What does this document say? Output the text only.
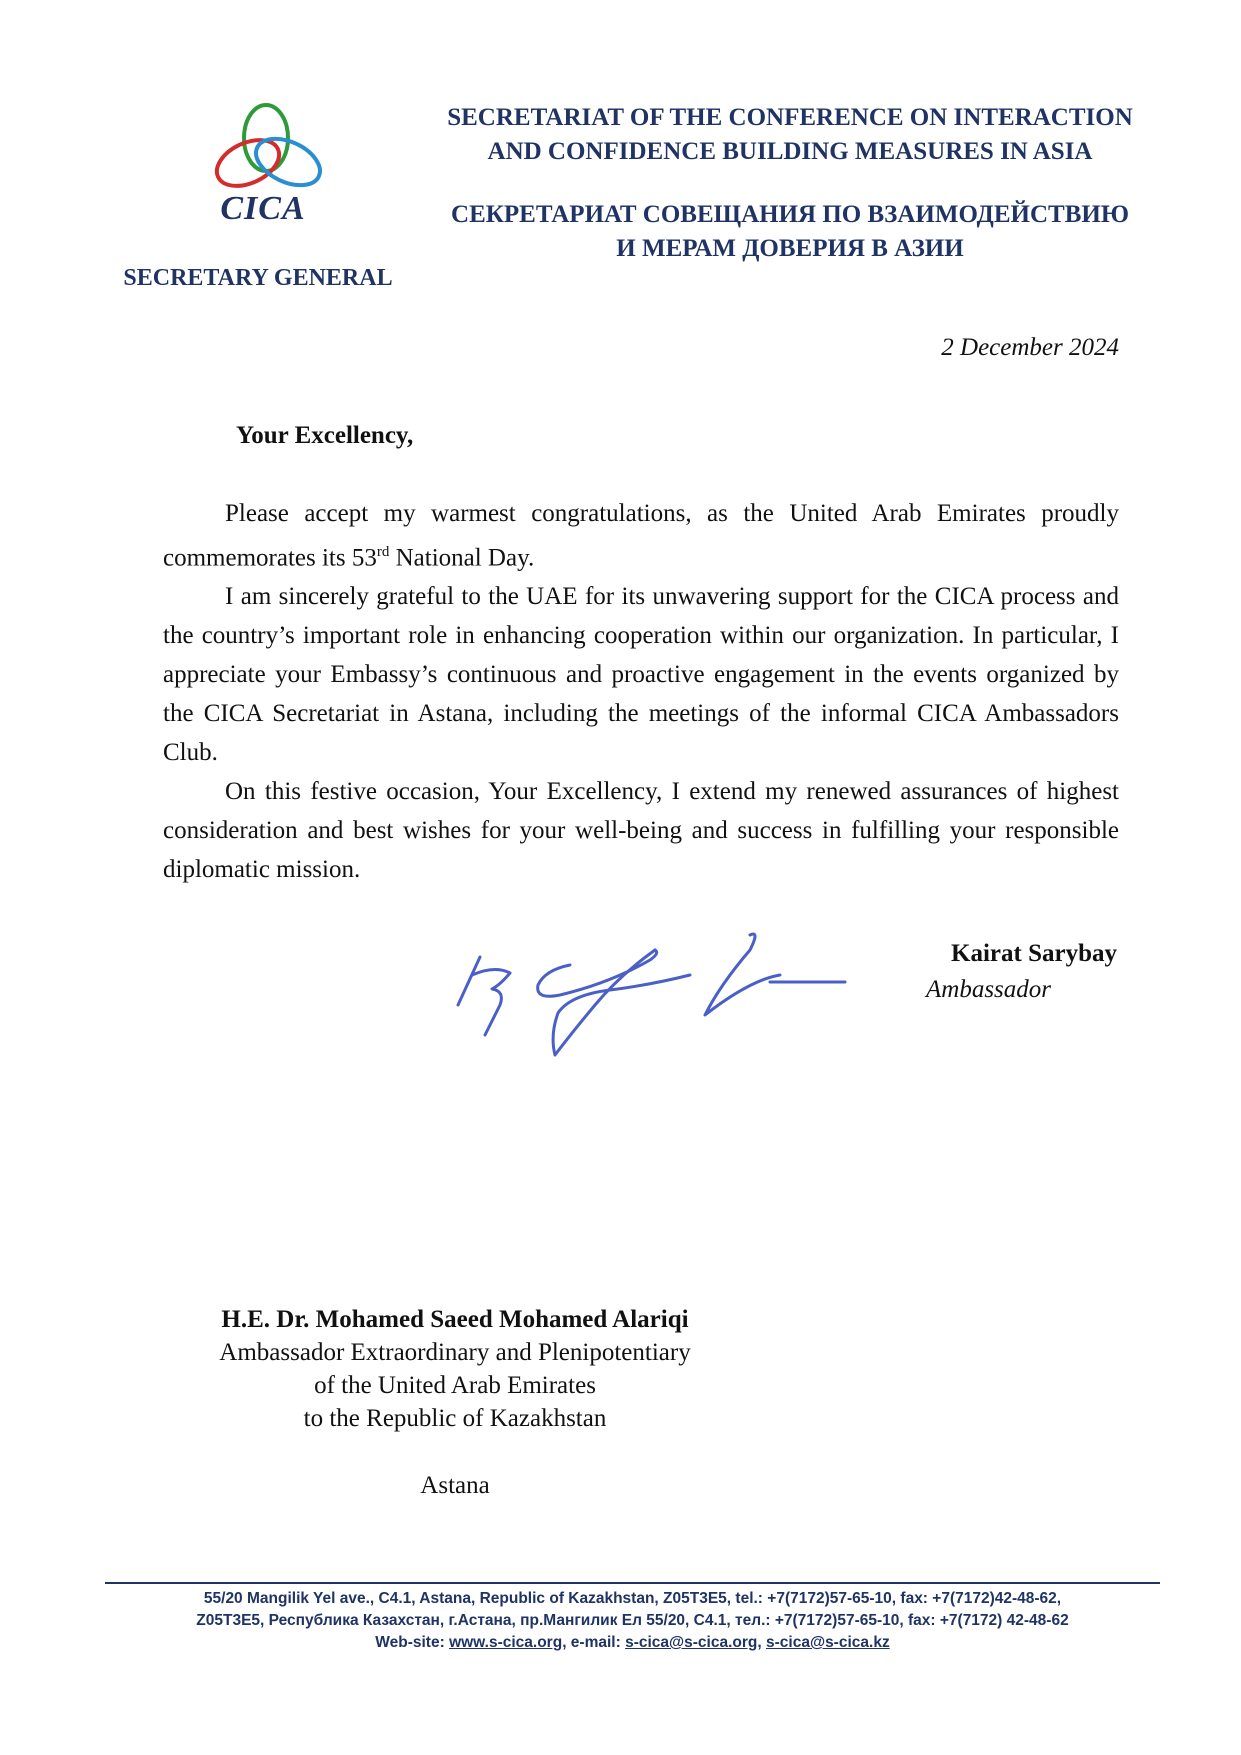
CICA
SECRETARY GENERAL
SECRETARIAT OF THE CONFERENCE ON INTERACTION
AND CONFIDENCE BUILDING MEASURES IN ASIA
СЕКРЕТАРИАТ СОВЕЩАНИЯ ПО ВЗАИМОДЕЙСТВИЮ
И МЕРАМ ДОВЕРИЯ В АЗИИ
2 December 2024
Your Excellency,

Please accept my warmest congratulations, as the United Arab Emirates proudly commemorates its 53rd National Day.

I am sincerely grateful to the UAE for its unwavering support for the CICA process and the country’s important role in enhancing cooperation within our organization. In particular, I appreciate your Embassy’s continuous and proactive engagement in the events organized by the CICA Secretariat in Astana, including the meetings of the informal CICA Ambassadors Club.

On this festive occasion, Your Excellency, I extend my renewed assurances of highest consideration and best wishes for your well-being and success in fulfilling your responsible diplomatic mission.

Kairat Sarybay
Ambassador
H.E. Dr. Mohamed Saeed Mohamed Alariqi
Ambassador Extraordinary and Plenipotentiary
of the United Arab Emirates
to the Republic of Kazakhstan
Astana
55/20 Mangilik Yel ave., C4.1, Astana, Republic of Kazakhstan, Z05T3E5, tel.: +7(7172)57-65-10, fax: +7(7172)42-48-62,
Z05T3E5, Республика Казахстан, г.Астана, пр.Мангилик Ел 55/20, C4.1, тел.: +7(7172)57-65-10, fax: +7(7172) 42-48-62
Web-site: www.s-cica.org, e-mail: s-cica@s-cica.org, s-cica@s-cica.kz
